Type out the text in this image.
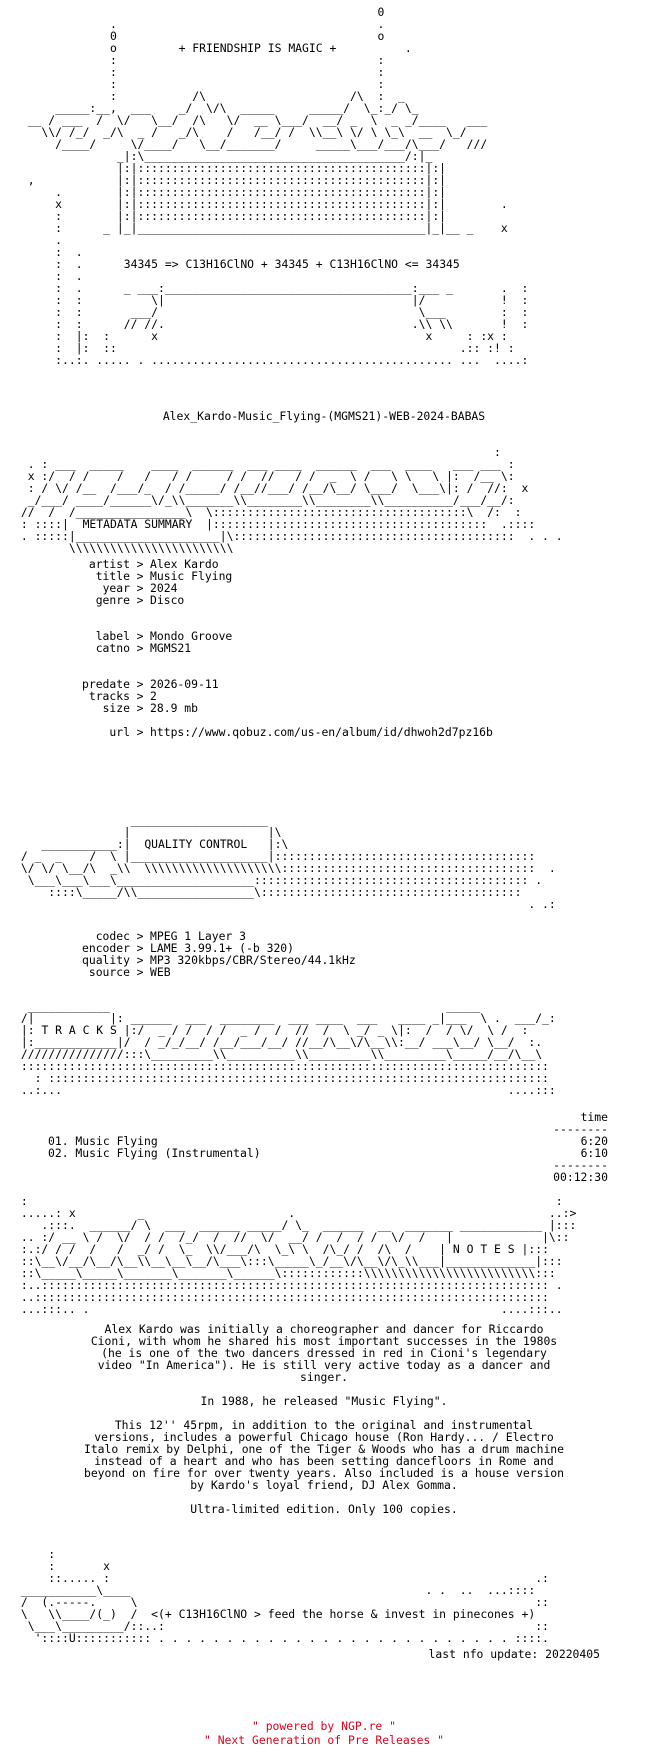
0
.                                      .
0                                      o
o	+ FRIENDSHIP IS MAGIC +	.
:                                      :
:                                      :
:                                      :
:           /\                     /\  :  _
_____:__,  ___    _/  \/\  _____     _____/  \_:_/ \_
__ / ___  /  \/   \__/  /\   \/  __ \___/  __/ _  \  _ _/____   ___
\\/ /_/  _/\  _ /   _/\    /   /__/ /  \\__\ \/ \ \_\  __  \_/
/____/     \/____/   \__/_______/     _____\___/___/\___/   ///
_|:\______________________________________/:|_
|:|::::::::::::::::::::::::::::::::::::::::::|:|
,            |:|::::::::::::::::::::::::::::::::::::::::::|:|
.        |:|::::::::::::::::::::::::::::::::::::::::::|:|
x        |:|::::::::::::::::::::::::::::::::::::::::::|:|        .
:        |:|::::::::::::::::::::::::::::::::::::::::::|:|
:      _ |_|__________________________________________|_|__ _    x
.
:  .
:  .	34345 => C13H16ClNO + 34345 + C13H16ClNO <= 34345
:  .
:  .      _ ___:____________________________________:___ _       .  :
:  :          \|                                    |/           !  :
:  :       ___/                                      \___        :  :
:  :      // //.                                    .\\ \\       !  :
:  |:  :      x                                       x     : :x :
:  |:  ::                                                  .:: :! :
:..:. ..... . ............................................ ...  ....:

Alex_Kardo-Music_Flying-(MGMS21)-WEB-2024-BABAS
:
. : ___  _____    ____  ______  ___ ____  ______  ___  ____   ___ ___ :
x :/  / /    /   /   / /     / /  //   / /  _  \ /   \ \   \ |:  /__ \:
: / \/ /__  /___/_  / /_____/ /__//___/ /__/\__/ \___/  \___\|: /  //:  x
_/___/ ____/______\/_\\_______\\________\\________\\__________/___/__/:
//  /  /________________\  \:::::::::::::::::::::::::::::::::::::\  /:  :
: ::::|  METADATA SUMMARY  |::::::::::::::::::::::::::::::::::::::::  .::::
. :::::|_____________________|\:::::::::::::::::::::::::::::::::::::::::  . . .
\\\\\\\\\\\\\\\\\\\\\\\\

artist > Alex Kardo
title > Music Flying
year > 2024
genre > Disco
label > Mondo Groove
catno > MGMS21
predate > 2026-09-11
tracks > 2
size > 28.9 mb
url > https://www.qobuz.com/us-en/album/id/dhwoh2d7pz16b
____________________
|                    |\
___________:|  QUALITY CONTROL   |:\
/ _  _    /  \ |____________________|::::::::::::::::::::::::::::::::::::::
\/ \/ \__/\  _\\  \\\\\\\\\\\\\\\\\\\\:::::::::::::::::::::::::::::::::::::  .
\___\___\___\____________________:::::::::::::::::::::::::::::::::::::::: .
::::\_____/\\_________________\::::::::::::::::::::::::::::::::::::::
. .:

codec > MPEG 1 Layer 3
encoder > LAME 3.99.1+ (-b 320)
quality > MP3 320kbps/CBR/Stereo/44.1kHz
source > WEB
____________                                                 _____
/|           |: ______  ___  ________  ___ ____  ___   ____ _|___  \ .  ___/_:
|: T R A C K S |:/  _ / /  / /  _ /  /  //  /  \ _/ _ \|:  /  / \/  \ /  :
|:____________|/  / _/_/__/ /__/___/__/ //__/\__\/\__\\:__/ ___\__/ \__/  :.
///////////////:::\_________\\__________\\_________\\_________\_____/__/\__\
:::::::::::::::::::::::::::::::::::::::::::::::::::::::::::::::::::::::::::::
: :::::::::::::::::::::::::::::::::::::::::::::::::::::::::::::::::::::::::
..:...                                                                 ....:::

time
--------
01. Music Flying	6:20
02. Music Flying (Instrumental)	6:10
--------
00:12:30
:                                                                             :
.....: x         _                     .                                     ..:>
.:::.  ______/ \  ___  ______ _____/ \_  ______  __  _______ ____________ |:::
.. :/ __ \ /  \/  / /  /_/  /  //  \/  __/ /  /  / /  \/  /   |             |\::
:.:/ / /  /   /  _/ /  \_  \\/___/\  \_\ \  /\_/ /  /\  /    | N O T E S |:::
::\__\/__/\__/\__\\__\__\__/\___\:::\_____\_/__\/\__\/\_\\___|_____________|:::
::\_____\_____\_______\_______\______\::::::::::::\\\\\\\\\\\\\\\\\\\\\\\\\:::
:..:::::::::::::::::::::::::::::::::::::::::::::::::::::::::::::::::::::::::: .
..:::::::::::::::::::::::::::::::::::::::::::::::::::::::::::::::::::::::::::
...:::.. .                                                            ....:::..

Alex Kardo was initially a choreographer and dancer for Riccardo
Cioni, with whom he shared his most important successes in the 1980s
(he is one of the two dancers dressed in red in Cioni's legendary
video "In America"). He is still very active today as a dancer and
singer.
In 1988, he released "Music Flying".
This 12'' 45rpm, in addition to the original and instrumental
versions, includes a powerful Chicago house (Ron Hardy... / Electro
Italo remix by Delphi, one of the Tiger & Woods who has a drum machine
instead of a heart and who has been setting dancefloors in Rome and
beyond on fire for over twenty years. Also included is a house version
by Kardo's loyal friend, DJ Alex Gomma.
Ultra-limited edition. Only 100 copies.
:
:       x
::..... :                                                              .:
___________\____                                           . .  ..  ...::::
/  (.-----.     \                                                          ::
\   \\____/(_)  /  <(+ C13H16ClNO > feed the horse & invest in pinecones +)
\___\_________/::..:                                                      ::
'::::U::::::::::: . . . . . . . . . . . . . . . . . . . . . . . . . . ::::.

last nfo update: 20220405
" powered by NGP.re "
" Next Generation of Pre Releases "
